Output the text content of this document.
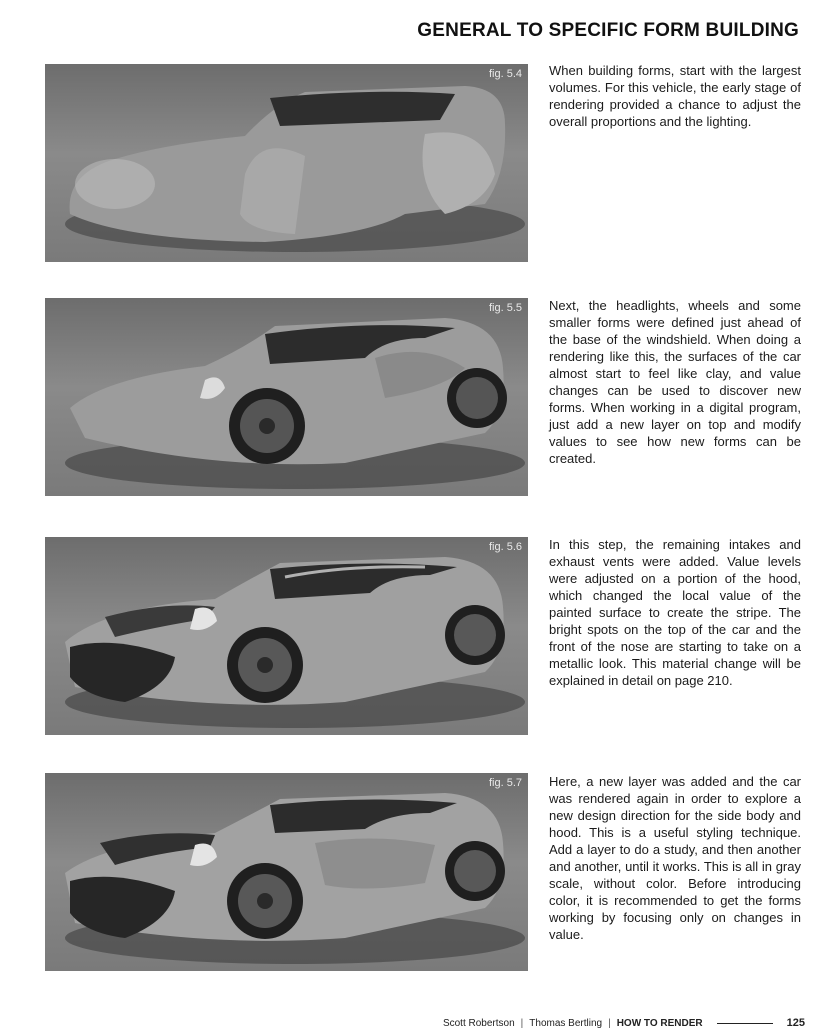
GENERAL TO SPECIFIC FORM BUILDING
fig. 5.4 When building forms, start with the largest volumes. For this vehicle, the early stage of rendering provided a chance to adjust the overall proportions and the lighting.
fig. 5.5 Next, the headlights, wheels and some smaller forms were defined just ahead of the base of the windshield. When doing a rendering like this, the surfaces of the car almost start to feel like clay, and value changes can be used to discover new forms. When working in a digital program, just add a new layer on top and modify values to see how new forms can be created.
fig. 5.6 In this step, the remaining intakes and exhaust vents were added. Value levels were adjusted on a portion of the hood, which changed the local value of the painted surface to create the stripe. The bright spots on the top of the car and the front of the nose are starting to take on a metallic look. This material change will be explained in detail on page 210.
fig. 5.7 Here, a new layer was added and the car was rendered again in order to explore a new design direction for the side body and hood. This is a useful styling technique. Add a layer to do a study, and then another and another, until it works. This is all in gray scale, without color. Before introducing color, it is recommended to get the forms working by focusing only on changes in value.
Scott Robertson | Thomas Bertling | HOW TO RENDER	125
